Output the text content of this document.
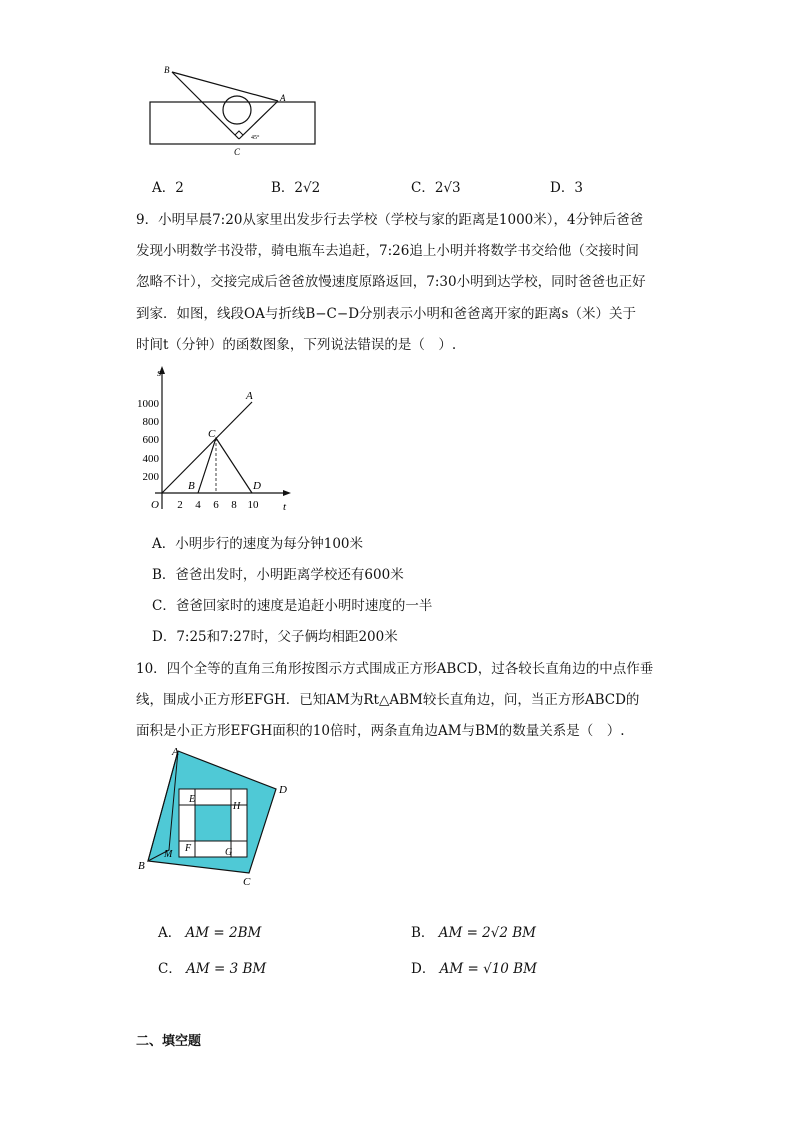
B
A
C
45°
A．2	B．2√2	C．2√3	D．3
9．小明早晨7:20从家里出发步行去学校（学校与家的距离是1000米），4分钟后爸爸
发现小明数学书没带，骑电瓶车去追赶，7:26追上小明并将数学书交给他（交接时间
忽略不计），交接完成后爸爸放慢速度原路返回，7:30小明到达学校，同时爸爸也正好
到家．如图，线段OA与折线B−C−D分别表示小明和爸爸离开家的距离s（米）关于
时间t（分钟）的函数图象，下列说法错误的是（　）.
s
t
O
1000
800
600
400
200
2 4 6 8 10
A
B
C
D
A．小明步行的速度为每分钟100米
B．爸爸出发时，小明距离学校还有600米
C．爸爸回家时的速度是追赶小明时速度的一半
D．7:25和7:27时，父子俩均相距200米
10．四个全等的直角三角形按图示方式围成正方形ABCD，过各较长直角边的中点作垂
线，围成小正方形EFGH．已知AM为Rt△ABM较长直角边，问，当正方形ABCD的
面积是小正方形EFGH面积的10倍时，两条直角边AM与BM的数量关系是（　）.
A
D
B
C
E
H
F	G
M
A． AM = 2BM	B． AM = 2√2 BM
C． AM = 3 BM	D． AM = √10 BM
二、填空题
